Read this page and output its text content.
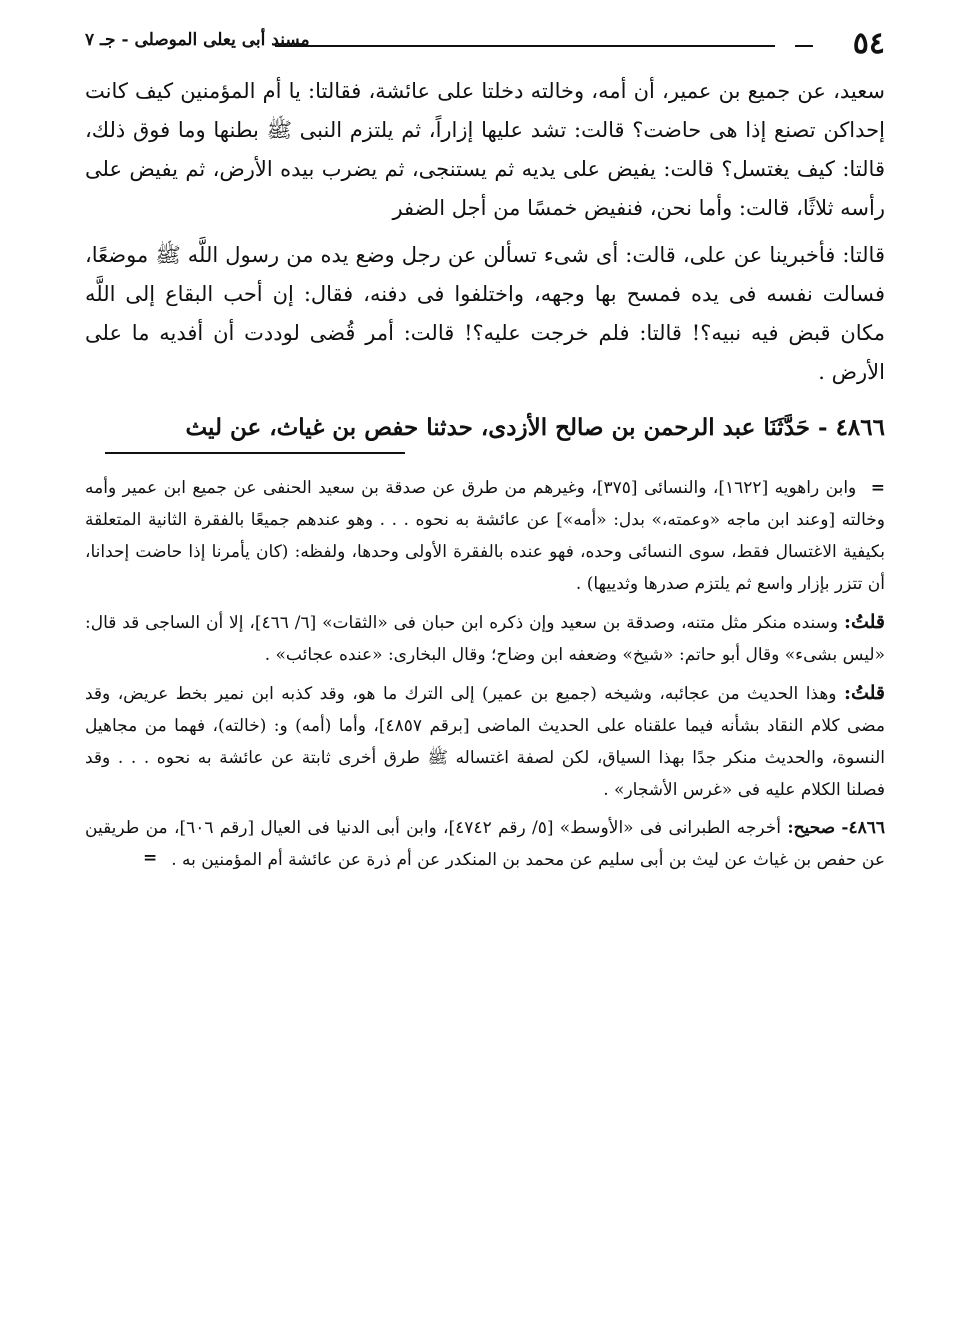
٥٤
مسند أبى يعلى الموصلى - جـ ٧

سعيد، عن جميع بن عمير، أن أمه، وخالته دخلتا على عائشة، فقالتا: يا أم المؤمنين كيف كانت إحداكن تصنع إذا هى حاضت؟ قالت: تشد عليها إزاراً، ثم يلتزم النبى ﷺ بطنها وما فوق ذلك، قالتا: كيف يغتسل؟ قالت: يفيض على يديه ثم يستنجى، ثم يضرب بيده الأرض، ثم يفيض على رأسه ثلاثًا، قالت: وأما نحن، فنفيض خمسًا من أجل الضفر

قالتا: فأخبرينا عن على، قالت: أى شىء تسألن عن رجل وضع يده من رسول اللَّه ﷺ موضعًا، فسالت نفسه فى يده فمسح بها وجهه، واختلفوا فى دفنه، فقال: إن أحب البقاع إلى اللَّه مكان قبض فيه نبيه؟! قالتا: فلم خرجت عليه؟! قالت: أمر قُضى لوددت أن أفديه ما على الأرض .

٤٨٦٦ - حَدَّثَنَا عبد الرحمن بن صالح الأزدى، حدثنا حفص بن غياث، عن ليث

= وابن راهويه [١٦٢٢]، والنسائى [٣٧٥]، وغيرهم من طرق عن صدقة بن سعيد الحنفى عن جميع ابن عمير وأمه وخالته [وعند ابن ماجه «وعمته،» بدل: «أمه»] عن عائشة به نحوه . . . وهو عندهم جميعًا بالفقرة الثانية المتعلقة بكيفية الاغتسال فقط، سوى النسائى وحده، فهو عنده بالفقرة الأولى وحدها، ولفظه: (كان يأمرنا إذا حاضت إحدانا، أن تتزر بإزار واسع ثم يلتزم صدرها وثدييها) .

قلتُ: وسنده منكر مثل متنه، وصدقة بن سعيد وإن ذكره ابن حبان فى «الثقات» [٦/ ٤٦٦]، إلا أن الساجى قد قال: «ليس بشىء» وقال أبو حاتم: «شيخ» وضعفه ابن وضاح؛ وقال البخارى: «عنده عجائب» .

قلتُ: وهذا الحديث من عجائبه، وشيخه (جميع بن عمير) إلى الترك ما هو، وقد كذبه ابن نمير بخط عريض، وقد مضى كلام النقاد بشأنه فيما علقناه على الحديث الماضى [برقم ٤٨٥٧]، وأما (أمه) و: (خالته)، فهما من مجاهيل النسوة، والحديث منكر جدًا بهذا السياق، لكن لصفة اغتساله ﷺ طرق أخرى ثابتة عن عائشة به نحوه . . . وقد فصلنا الكلام عليه فى «غرس الأشجار» .

٤٨٦٦- صحيح: أخرجه الطبرانى فى «الأوسط» [٥/ رقم ٤٧٤٢]، وابن أبى الدنيا فى العيال [رقم ٦٠٦]، من طريقين عن حفص بن غياث عن ليث بن أبى سليم عن محمد بن المنكدر عن أم ذرة عن عائشة أم المؤمنين به .
=
